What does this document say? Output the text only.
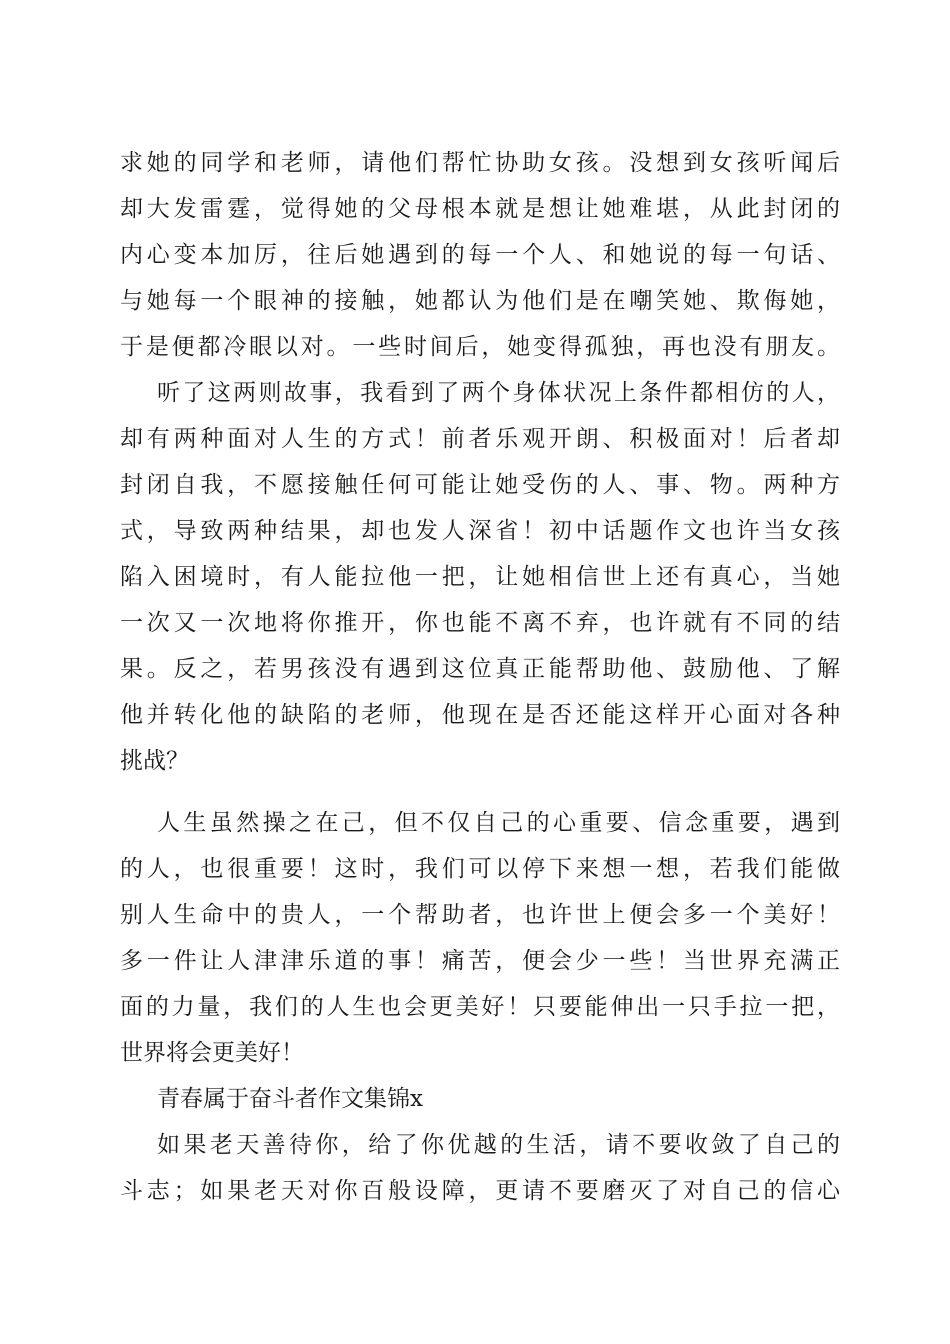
求她的同学和老师，请他们帮忙协助女孩。没想到女孩听闻后
却大发雷霆，觉得她的父母根本就是想让她难堪，从此封闭的
内心变本加厉，往后她遇到的每一个人、和她说的每一句话、
与她每一个眼神的接触，她都认为他们是在嘲笑她、欺侮她，
于是便都冷眼以对。一些时间后，她变得孤独，再也没有朋友。
听了这两则故事，我看到了两个身体状况上条件都相仿的人，
却有两种面对人生的方式！前者乐观开朗、积极面对！后者却
封闭自我，不愿接触任何可能让她受伤的人、事、物。两种方
式，导致两种结果，却也发人深省！初中话题作文也许当女孩
陷入困境时，有人能拉他一把，让她相信世上还有真心，当她
一次又一次地将你推开，你也能不离不弃，也许就有不同的结
果。反之，若男孩没有遇到这位真正能帮助他、鼓励他、了解
他并转化他的缺陷的老师，他现在是否还能这样开心面对各种
挑战？
人生虽然操之在己，但不仅自己的心重要、信念重要，遇到
的人，也很重要！这时，我们可以停下来想一想，若我们能做
别人生命中的贵人，一个帮助者，也许世上便会多一个美好！
多一件让人津津乐道的事！痛苦，便会少一些！当世界充满正
面的力量，我们的人生也会更美好！只要能伸出一只手拉一把，
世界将会更美好！
青春属于奋斗者作文集锦x
如果老天善待你，给了你优越的生活，请不要收敛了自己的
斗志；如果老天对你百般设障，更请不要磨灭了对自己的信心
